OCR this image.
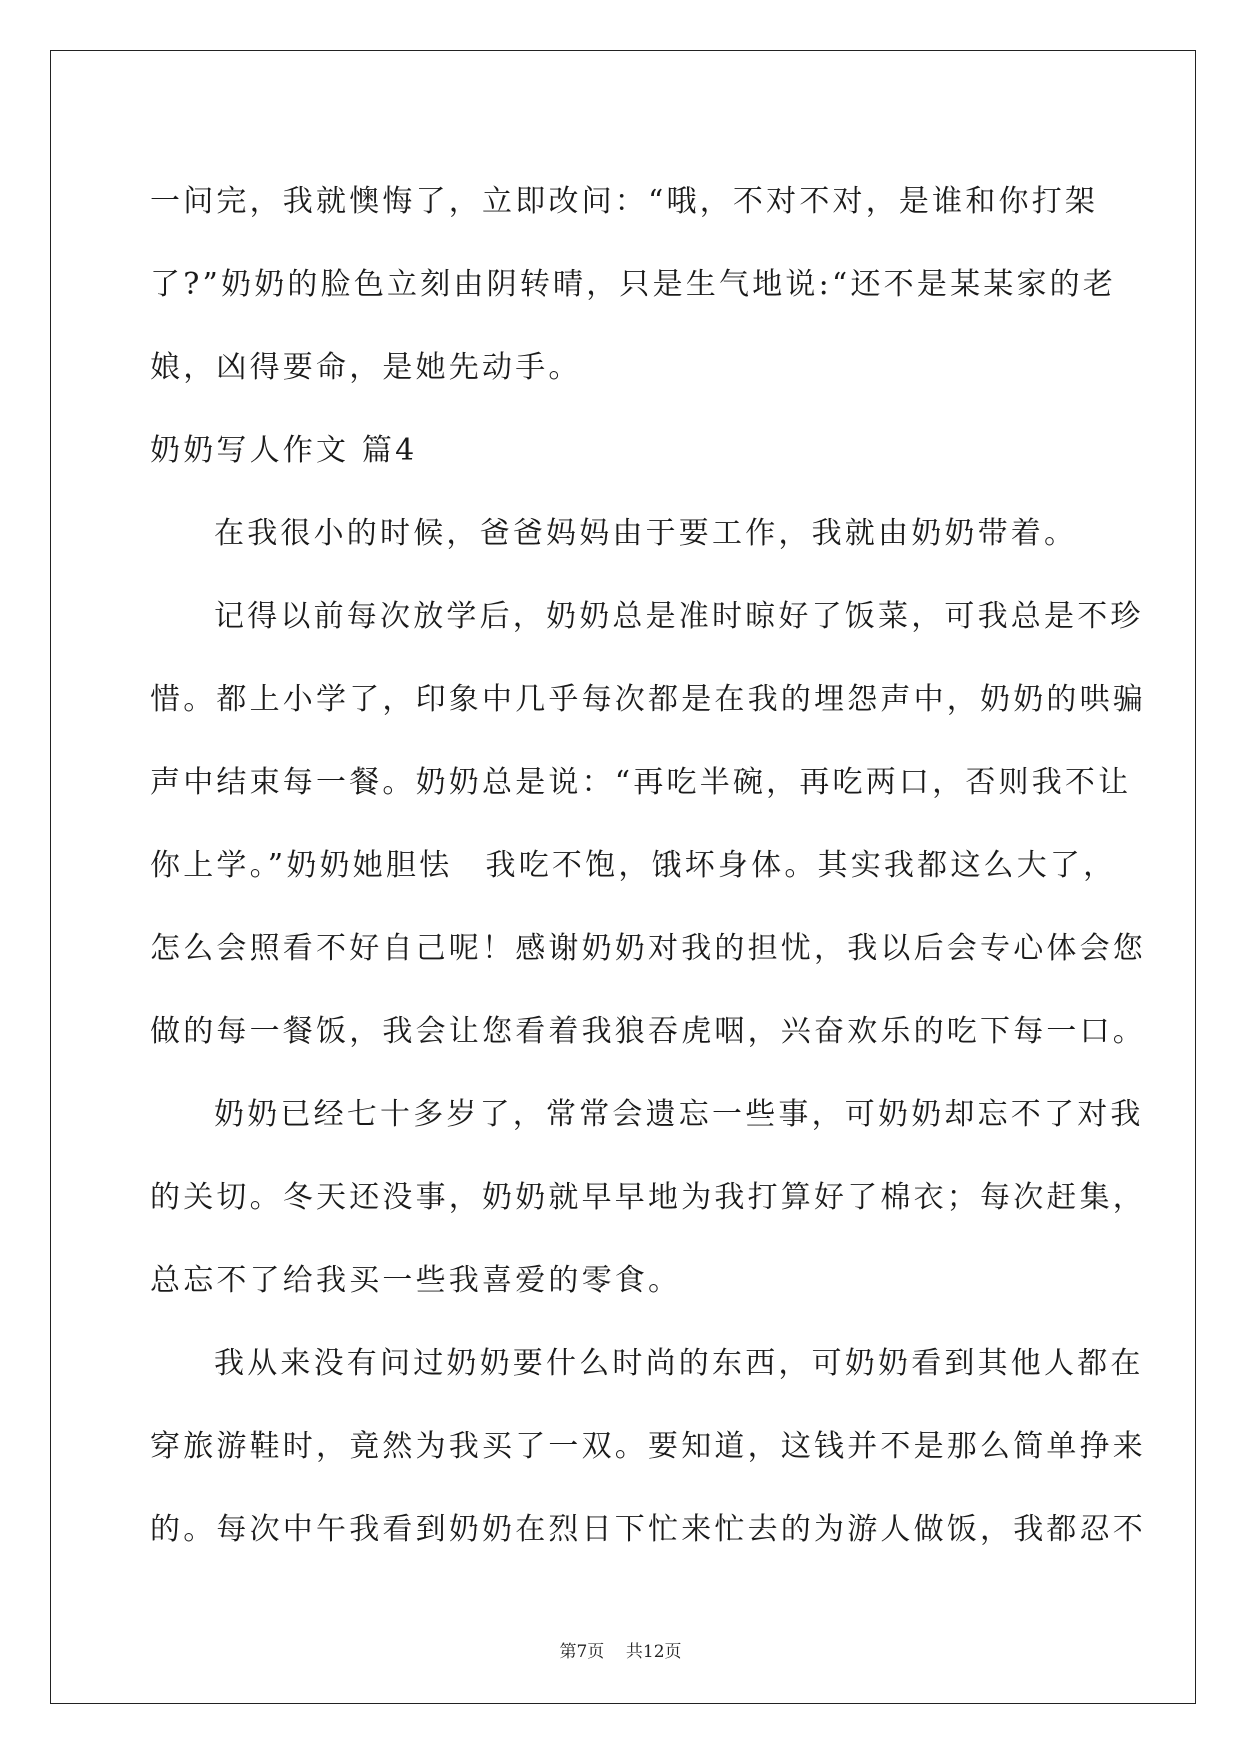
一问完，我就懊悔了，立即改问：“哦，不对不对，是谁和你打架
了?”奶奶的脸色立刻由阴转晴，只是生气地说:“还不是某某家的老
娘，凶得要命，是她先动手。
奶奶写人作文 篇4
在我很小的时候，爸爸妈妈由于要工作，我就由奶奶带着。
记得以前每次放学后，奶奶总是准时晾好了饭菜，可我总是不珍
惜。都上小学了，印象中几乎每次都是在我的埋怨声中，奶奶的哄骗
声中结束每一餐。奶奶总是说：“再吃半碗，再吃两口，否则我不让
你上学。”奶奶她胆怯　我吃不饱，饿坏身体。其实我都这么大了，
怎么会照看不好自己呢！感谢奶奶对我的担忧，我以后会专心体会您
做的每一餐饭，我会让您看着我狼吞虎咽，兴奋欢乐的吃下每一口。
奶奶已经七十多岁了，常常会遗忘一些事，可奶奶却忘不了对我
的关切。冬天还没事，奶奶就早早地为我打算好了棉衣；每次赶集，
总忘不了给我买一些我喜爱的零食。
我从来没有问过奶奶要什么时尚的东西，可奶奶看到其他人都在
穿旅游鞋时，竟然为我买了一双。要知道，这钱并不是那么简单挣来
的。每次中午我看到奶奶在烈日下忙来忙去的为游人做饭，我都忍不
第7页 共12页
